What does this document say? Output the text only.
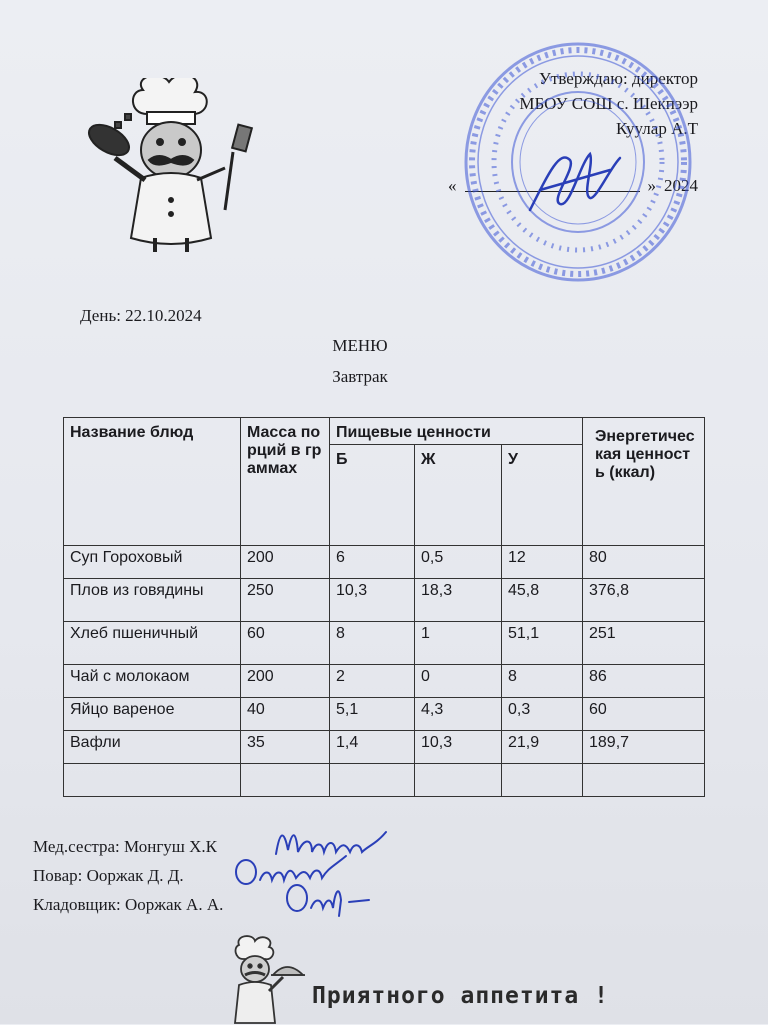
Утверждаю: директор
МБОУ СОШ с. Шекпээр
Куулар А.Т
«	» 2024
День: 22.10.2024
МЕНЮ
Завтрак
Название блюд	Масса порций в граммах	Пищевые ценности			Энергетическая ценность (ккал)
		Б	Ж	У	
Суп Гороховый	200	6	0,5	12	80
Плов из говядины	250	10,3	18,3	45,8	376,8
Хлеб пшеничный	60	8	1	51,1	251
Чай с молокаом	200	2	0	8	86
Яйцо вареное	40	5,1	4,3	0,3	60
Вафли	35	1,4	10,3	21,9	189,7

Мед.сестра: Монгуш Х.К
Повар: Ооржак Д. Д.
Кладовщик: Ооржак А. А.
Приятного аппетита !
